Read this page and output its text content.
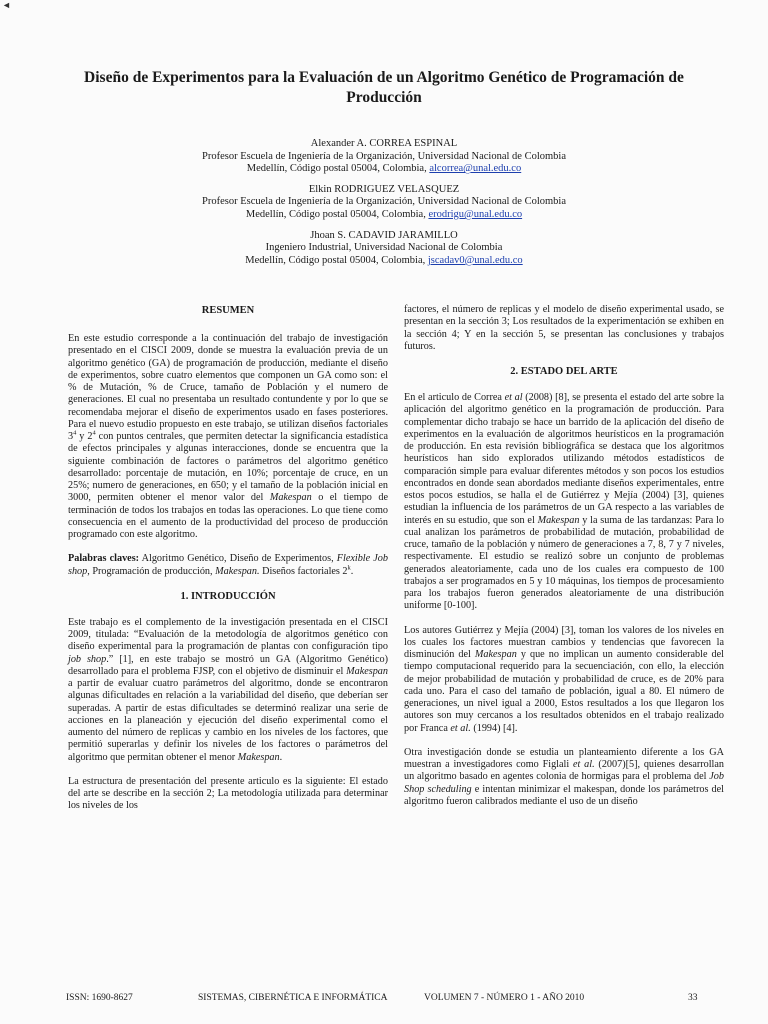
◄
Diseño de Experimentos para la Evaluación de un Algoritmo Genético de Programación de Producción
Alexander A. CORREA ESPINAL
Profesor Escuela de Ingeniería de la Organización, Universidad Nacional de Colombia
Medellín, Código postal 05004, Colombia, alcorrea@unal.edu.co
Elkin RODRIGUEZ VELASQUEZ
Profesor Escuela de Ingeniería de la Organización, Universidad Nacional de Colombia
Medellín, Código postal 05004, Colombia, erodrigu@unal.edu.co
Jhoan S. CADAVID JARAMILLO
Ingeniero Industrial, Universidad Nacional de Colombia
Medellín, Código postal 05004, Colombia, jscadav0@unal.edu.co
RESUMEN

En este estudio corresponde a la continuación del trabajo de investigación presentado en el CISCI 2009, donde se muestra la evaluación previa de un algoritmo genético (GA) de programación de producción, mediante el diseño de experimentos, sobre cuatro elementos que componen un GA como son: el % de Mutación, % de Cruce, tamaño de Población y el numero de generaciones. El cual no presentaba un resultado contundente y por lo que se recomendaba mejorar el diseño de experimentos usado en fases posteriores. Para el nuevo estudio propuesto en este trabajo, se utilizan diseños factoriales $3^4$ y $2^4$ con puntos centrales, que permiten detectar la significancia estadística de efectos principales y algunas interacciones, donde se encuentra que la siguiente combinación de factores o parámetros del algoritmo genético desarrollado: porcentaje de mutación, en 10%; porcentaje de cruce, en un 25%; numero de generaciones, en 650; y el tamaño de la población inicial en 3000, permiten obtener el menor valor del Makespan o el tiempo de terminación de todos los trabajos en todas las operaciones. Lo que tiene como consecuencia en el aumento de la productividad del proceso de producción programado con este algoritmo.

Palabras claves: Algoritmo Genético, Diseño de Experimentos, Flexible Job shop, Programación de producción, Makespan. Diseños factoriales 2$^k$.

1. INTRODUCCIÓN

Este trabajo es el complemento de la investigación presentada en el CISCI 2009, titulada: “Evaluación de la metodología de algoritmos genético con diseño experimental para la programación de plantas con configuración tipo job shop.” [1], en este trabajo se mostró un GA (Algoritmo Genético) desarrollado para el problema FJSP, con el objetivo de disminuir el Makespan a partir de evaluar cuatro parámetros del algoritmo, donde se encontraron algunas dificultades en relación a la variabilidad del diseño, que deberían ser superadas. A partir de estas dificultades se determinó realizar una serie de acciones en la planeación y ejecución del diseño experimental como el aumento del número de replicas y cambio en los niveles de los factores, que permitió superarlas y definir los niveles de los factores o parámetros del algoritmo que permitan obtener el menor Makespan.

La estructura de presentación del presente articulo es la siguiente: El estado del arte se describe en la sección 2; La metodología utilizada para determinar los niveles de los

factores, el número de replicas y el modelo de diseño experimental usado, se presentan en la sección 3; Los resultados de la experimentación se exhiben en la sección 4; Y en la sección 5, se presentan las conclusiones y trabajos futuros.

2. ESTADO DEL ARTE

En el articulo de Correa et al (2008) [8], se presenta el estado del arte sobre la aplicación del algoritmo genético en la programación de producción. Para complementar dicho trabajo se hace un barrido de la aplicación del diseño de experimentos en la evaluación de algoritmos heurísticos en la programación de producción. En esta revisión bibliográfica se destaca que los algoritmos heurísticos han sido explorados utilizando métodos estadísticos de comparación simple para evaluar diferentes métodos y son pocos los estudios encontrados en donde sean abordados mediante diseños experimentales, entre estos pocos estudios, se halla el de Gutiérrez y Mejía (2004) [3], quienes estudian la influencia de los parámetros de un GA respecto a las variables de interés en su estudio, que son el Makespan y la suma de las tardanzas: Para lo cual analizan los parámetros de probabilidad de mutación, probabilidad de cruce, tamaño de la población y número de generaciones a 7, 8, 7 y 7 niveles, respectivamente. El estudio se realizó sobre un conjunto de problemas generados aleatoriamente, cada uno de los cuales era compuesto de 100 trabajos a ser programados en 5 y 10 máquinas, los tiempos de procesamiento para los trabajos fueron generados aleatoriamente de una distribución uniforme [0-100].

Los autores Gutiérrez y Mejía (2004) [3], toman los valores de los niveles en los cuales los factores muestran cambios y tendencias que favorecen la disminución del Makespan y que no implican un aumento considerable del tiempo computacional requerido para la secuenciación, con ello, la elección de mejor probabilidad de mutación y probabilidad de cruce, es de 20% para cada uno. Para el caso del tamaño de población, igual a 80. El número de generaciones, un nivel igual a 2000, Estos resultados a los que llegaron los autores son muy cercanos a los resultados obtenidos en el trabajo realizado por Franca et al. (1994) [4].

Otra investigación donde se estudia un planteamiento diferente a los GA muestran a investigadores como Figlali et al. (2007)[5], quienes desarrollan un algoritmo basado en agentes colonia de hormigas para el problema del Job Shop scheduling e intentan minimizar el makespan, donde los parámetros del algoritmo fueron calibrados mediante el uso de un diseño

ISSN: 1690-8627	SISTEMAS, CIBERNÉTICA E INFORMÁTICA	VOLUMEN 7 - NÚMERO 1 - AÑO 2010	33
